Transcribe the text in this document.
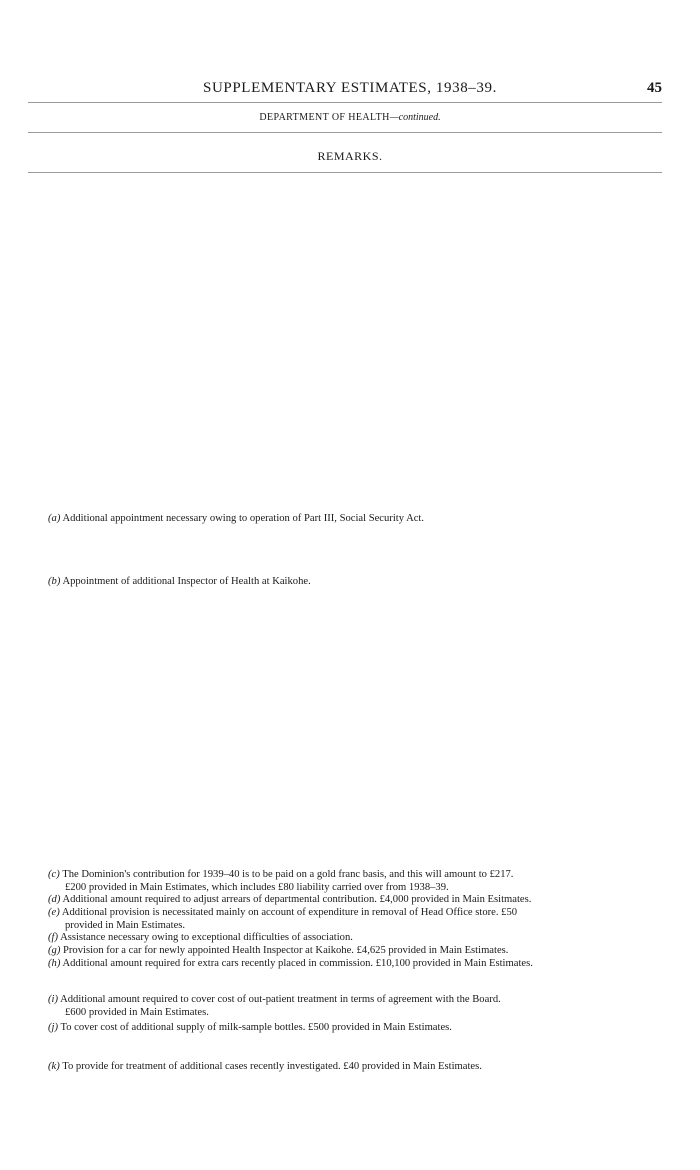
SUPPLEMENTARY ESTIMATES, 1938–39.	45
DEPARTMENT OF HEALTH—continued.
REMARKS.
(a) Additional appointment necessary owing to operation of Part III, Social Security Act.
(b) Appointment of additional Inspector of Health at Kaikohe.
(c) The Dominion's contribution for 1939–40 is to be paid on a gold franc basis, and this will amount to £217.
£200 provided in Main Estimates, which includes £80 liability carried over from 1938–39.
(d) Additional amount required to adjust arrears of departmental contribution. £4,000 provided in Main Esitmates.
(e) Additional provision is necessitated mainly on account of expenditure in removal of Head Office store. £50
provided in Main Estimates.
(f) Assistance necessary owing to exceptional difficulties of association.
(g) Provision for a car for newly appointed Health Inspector at Kaikohe. £4,625 provided in Main Estimates.
(h) Additional amount required for extra cars recently placed in commission. £10,100 provided in Main Estimates.
(i) Additional amount required to cover cost of out-patient treatment in terms of agreement with the Board.
£600 provided in Main Estimates.
(j) To cover cost of additional supply of milk-sample bottles. £500 provided in Main Estimates.
(k) To provide for treatment of additional cases recently investigated. £40 provided in Main Estimates.
